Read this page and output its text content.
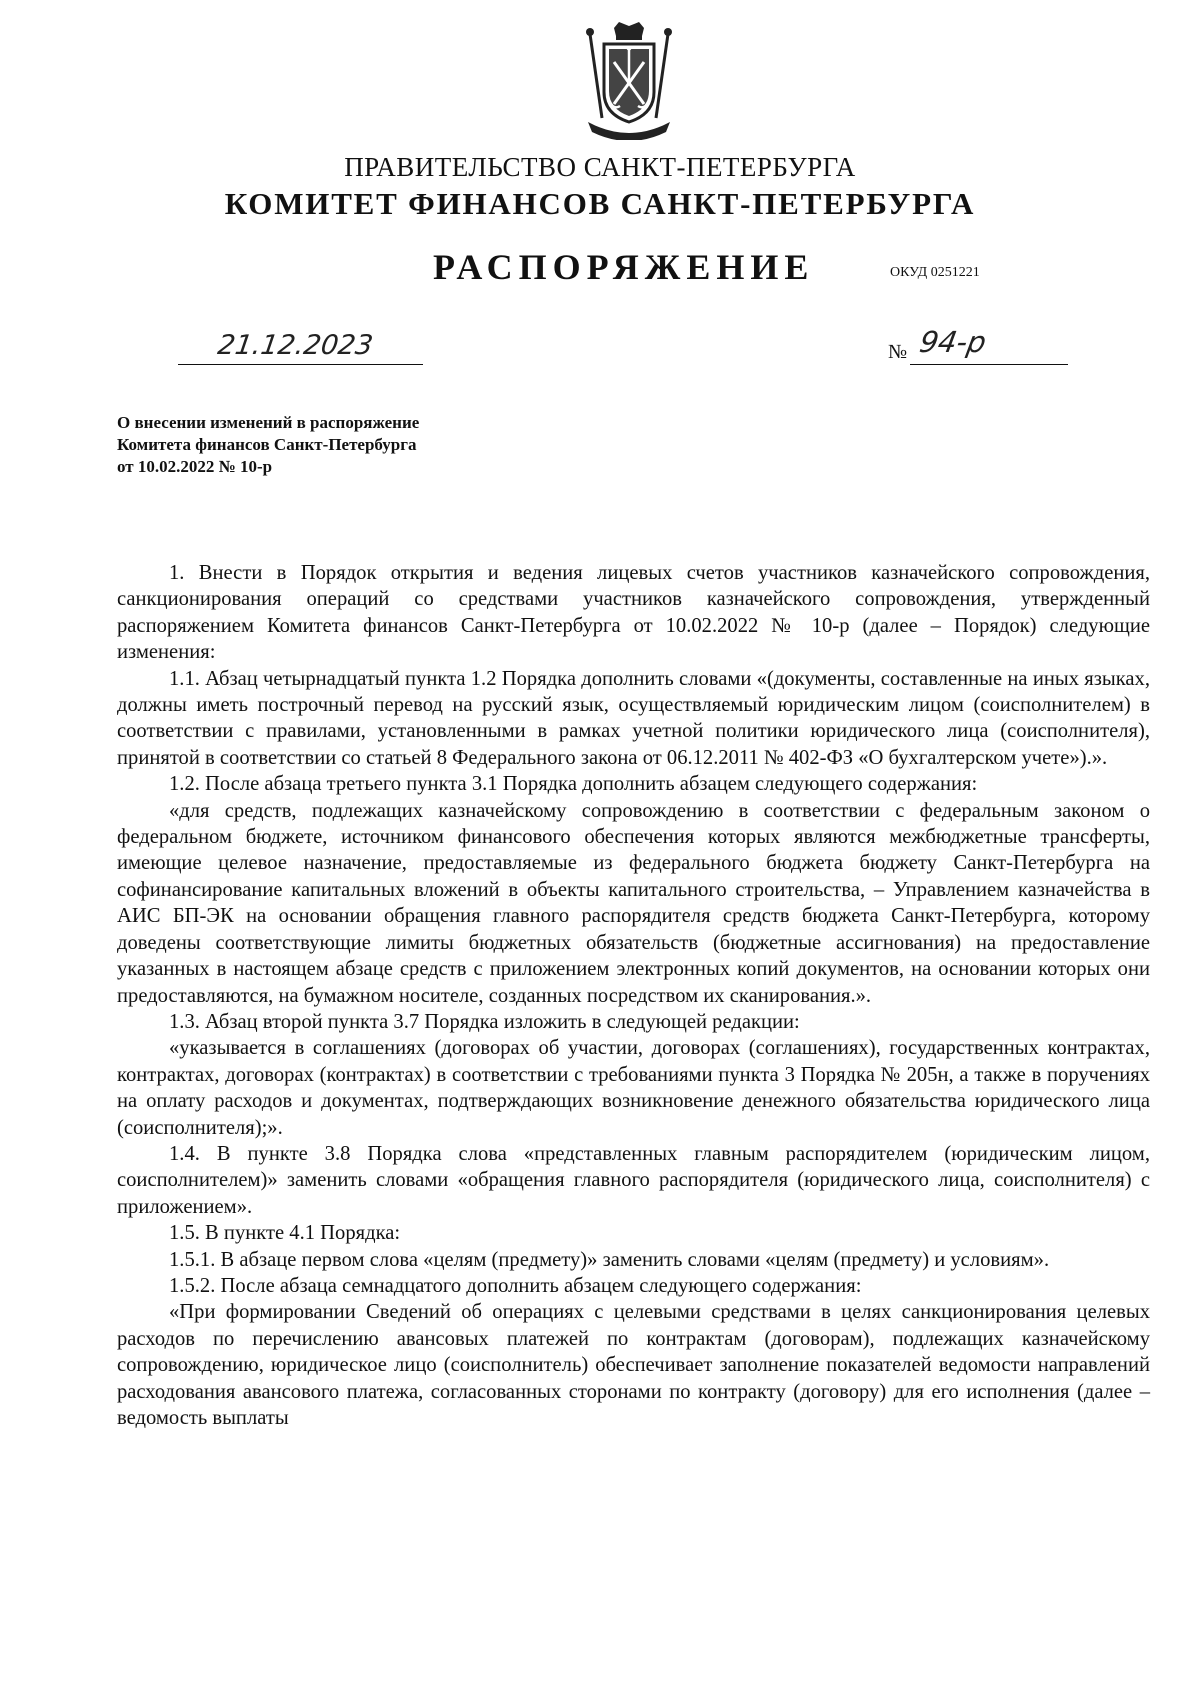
ПРАВИТЕЛЬСТВО САНКТ-ПЕТЕРБУРГА
КОМИТЕТ ФИНАНСОВ САНКТ-ПЕТЕРБУРГА
РАСПОРЯЖЕНИЕ	ОКУД 0251221
21.12.2023	№ 94-р
О внесении изменений в распоряжение
Комитета финансов Санкт-Петербурга
от 10.02.2022 № 10-р

1. Внести в Порядок открытия и ведения лицевых счетов участников казначейского сопровождения, санкционирования операций со средствами участников казначейского сопровождения, утвержденный распоряжением Комитета финансов Санкт-Петербурга от 10.02.2022 № 10-р (далее – Порядок) следующие изменения:

1.1. Абзац четырнадцатый пункта 1.2 Порядка дополнить словами «(документы, составленные на иных языках, должны иметь построчный перевод на русский язык, осуществляемый юридическим лицом (соисполнителем) в соответствии с правилами, установленными в рамках учетной политики юридического лица (соисполнителя), принятой в соответствии со статьей 8 Федерального закона от 06.12.2011 № 402-ФЗ «О бухгалтерском учете»).».

1.2. После абзаца третьего пункта 3.1 Порядка дополнить абзацем следующего содержания:

«для средств, подлежащих казначейскому сопровождению в соответствии с федеральным законом о федеральном бюджете, источником финансового обеспечения которых являются межбюджетные трансферты, имеющие целевое назначение, предоставляемые из федерального бюджета бюджету Санкт-Петербурга на софинансирование капитальных вложений в объекты капитального строительства, – Управлением казначейства в АИС БП-ЭК на основании обращения главного распорядителя средств бюджета Санкт-Петербурга, которому доведены соответствующие лимиты бюджетных обязательств (бюджетные ассигнования) на предоставление указанных в настоящем абзаце средств с приложением электронных копий документов, на основании которых они предоставляются, на бумажном носителе, созданных посредством их сканирования.».

1.3. Абзац второй пункта 3.7 Порядка изложить в следующей редакции:

«указывается в соглашениях (договорах об участии, договорах (соглашениях), государственных контрактах, контрактах, договорах (контрактах) в соответствии с требованиями пункта 3 Порядка № 205н, а также в поручениях на оплату расходов и документах, подтверждающих возникновение денежного обязательства юридического лица (соисполнителя);».

1.4. В пункте 3.8 Порядка слова «представленных главным распорядителем (юридическим лицом, соисполнителем)» заменить словами «обращения главного распорядителя (юридического лица, соисполнителя) с приложением».

1.5. В пункте 4.1 Порядка:

1.5.1. В абзаце первом слова «целям (предмету)» заменить словами «целям (предмету) и условиям».

1.5.2. После абзаца семнадцатого дополнить абзацем следующего содержания:

«При формировании Сведений об операциях с целевыми средствами в целях санкционирования целевых расходов по перечислению авансовых платежей по контрактам (договорам), подлежащих казначейскому сопровождению, юридическое лицо (соисполнитель) обеспечивает заполнение показателей ведомости направлений расходования авансового платежа, согласованных сторонами по контракту (договору) для его исполнения (далее – ведомость выплаты
